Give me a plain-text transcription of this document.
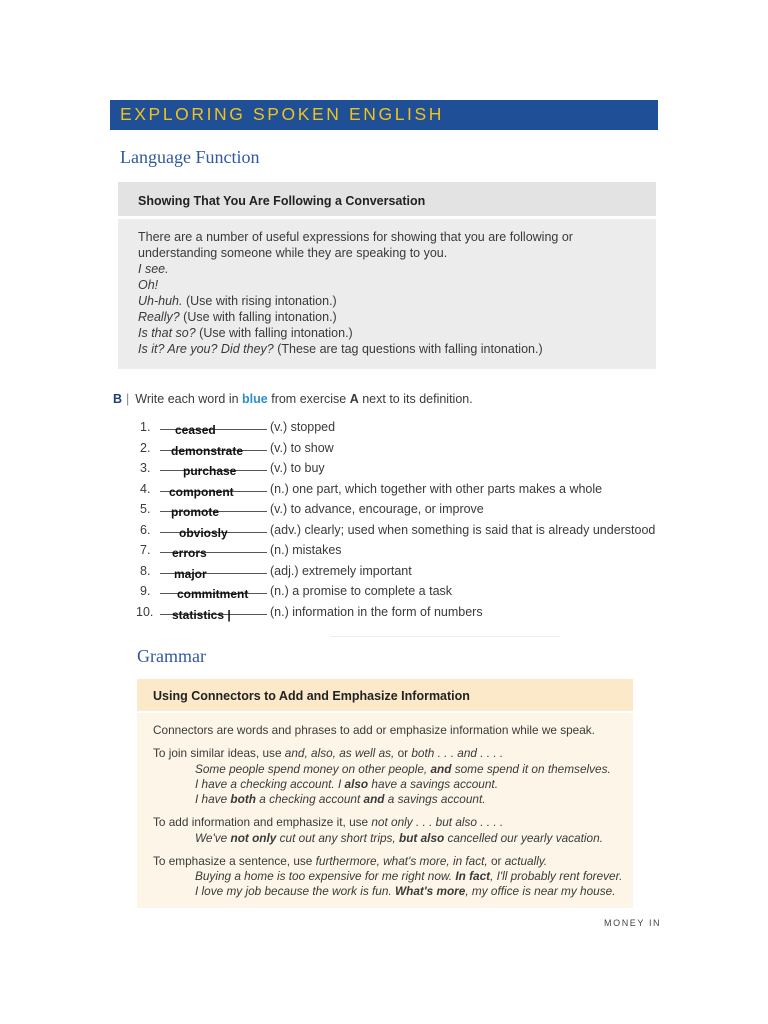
EXPLORING SPOKEN ENGLISH
Language Function
Showing That You Are Following a Conversation
There are a number of useful expressions for showing that you are following or
understanding someone while they are speaking to you.
I see.
Oh!
Uh-huh. (Use with rising intonation.)
Really? (Use with falling intonation.)
Is that so? (Use with falling intonation.)
Is it? Are you? Did they? (These are tag questions with falling intonation.)
B | Write each word in blue from exercise A next to its definition.
1.	ceased	(v.) stopped
2.	demonstrate (v.) to show
3.	purchase	(v.) to buy
4.	component	(n.) one part, which together with other parts makes a whole
5.	promote	(v.) to advance, encourage, or improve
6.	obviosly	(adv.) clearly; used when something is said that is already understood
7.	errors	(n.) mistakes
8.	major	(adj.) extremely important
9.	commitment (n.) a promise to complete a task
10. statistics |	(n.) information in the form of numbers
Grammar
Using Connectors to Add and Emphasize Information
Connectors are words and phrases to add or emphasize information while we speak.
To join similar ideas, use and, also, as well as, or both . . . and . . . .
Some people spend money on other people, and some spend it on themselves.
I have a checking account. I also have a savings account.
I have both a checking account and a savings account.
To add information and emphasize it, use not only . . . but also . . . .
We've not only cut out any short trips, but also cancelled our yearly vacation.
To emphasize a sentence, use furthermore, what's more, in fact, or actually.
Buying a home is too expensive for me right now. In fact, I'll probably rent forever.
I love my job because the work is fun. What's more, my office is near my house.
MONEY IN
